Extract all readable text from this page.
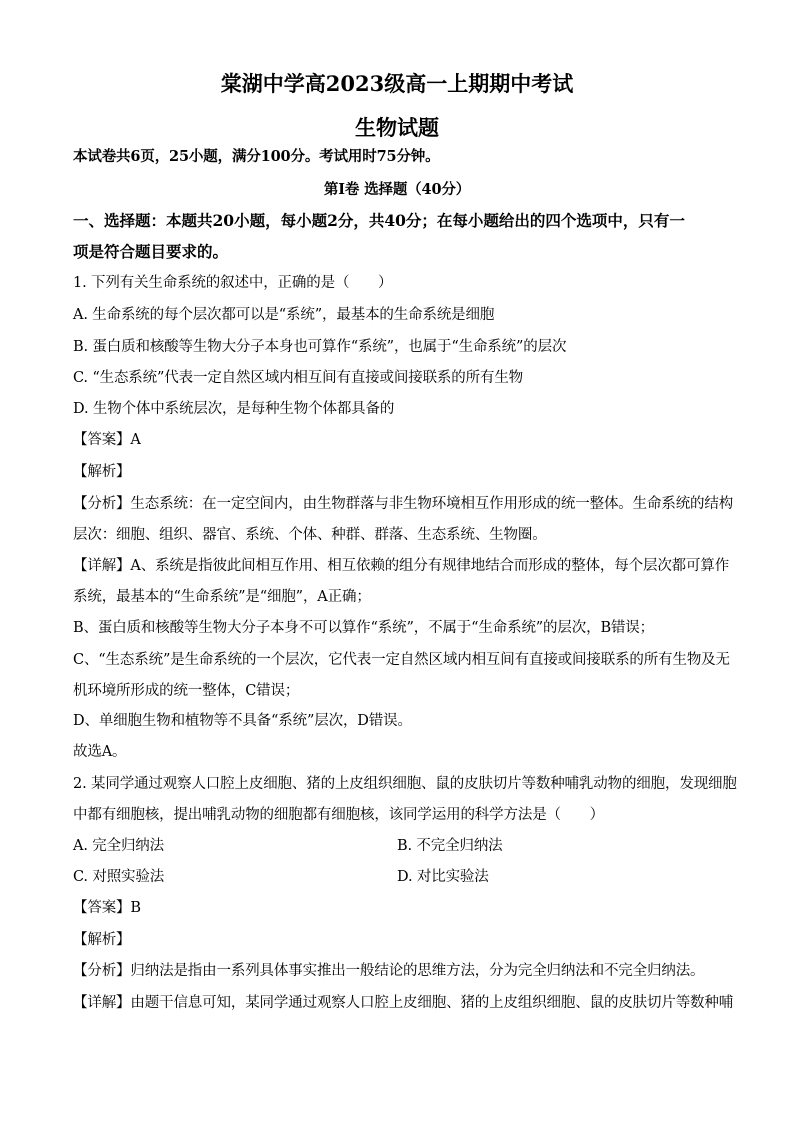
棠湖中学高2023级高一上期期中考试
生物试题
本试卷共6页，25小题，满分100分。考试用时75分钟。
第Ⅰ卷 选择题（40分）
一、选择题：本题共20小题，每小题2分，共40分；在每小题给出的四个选项中，只有一
项是符合题目要求的。
1. 下列有关生命系统的叙述中，正确的是（　　）
A. 生命系统的每个层次都可以是“系统”，最基本的生命系统是细胞
B. 蛋白质和核酸等生物大分子本身也可算作“系统”，也属于“生命系统”的层次
C. “生态系统”代表一定自然区域内相互间有直接或间接联系的所有生物
D. 生物个体中系统层次，是每种生物个体都具备的
【答案】A
【解析】
【分析】生态系统：在一定空间内，由生物群落与非生物环境相互作用形成的统一整体。生命系统的结构
层次：细胞、组织、器官、系统、个体、种群、群落、生态系统、生物圈。
【详解】A、系统是指彼此间相互作用、相互依赖的组分有规律地结合而形成的整体，每个层次都可算作
系统，最基本的“生命系统”是“细胞”，A正确；
B、蛋白质和核酸等生物大分子本身不可以算作“系统”，不属于“生命系统”的层次，B错误；
C、“生态系统”是生命系统的一个层次，它代表一定自然区域内相互间有直接或间接联系的所有生物及无
机环境所形成的统一整体，C错误；
D、单细胞生物和植物等不具备“系统”层次，D错误。
故选A。
2. 某同学通过观察人口腔上皮细胞、猪的上皮组织细胞、鼠的皮肤切片等数种哺乳动物的细胞，发现细胞
中都有细胞核，提出哺乳动物的细胞都有细胞核，该同学运用的科学方法是（　　）
A. 完全归纳法	B. 不完全归纳法
C. 对照实验法	D. 对比实验法
【答案】B
【解析】
【分析】归纳法是指由一系列具体事实推出一般结论的思维方法，分为完全归纳法和不完全归纳法。
【详解】由题干信息可知，某同学通过观察人口腔上皮细胞、猪的上皮组织细胞、鼠的皮肤切片等数种哺
